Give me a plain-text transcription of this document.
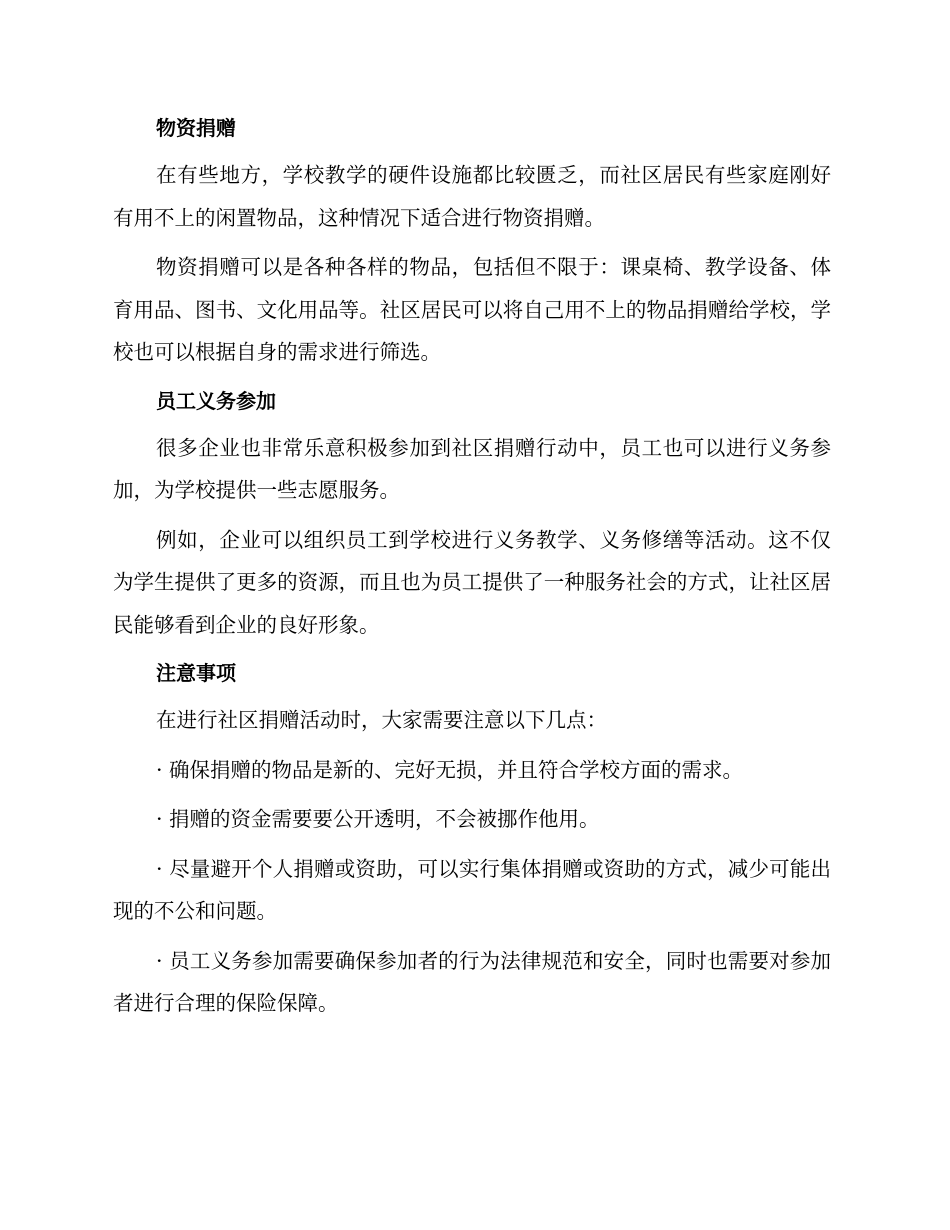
物资捐赠

在有些地方，学校教学的硬件设施都比较匮乏，而社区居民有些家庭刚好有用不上的闲置物品，这种情况下适合进行物资捐赠。

物资捐赠可以是各种各样的物品，包括但不限于：课桌椅、教学设备、体育用品、图书、文化用品等。社区居民可以将自己用不上的物品捐赠给学校，学校也可以根据自身的需求进行筛选。

员工义务参加

很多企业也非常乐意积极参加到社区捐赠行动中，员工也可以进行义务参加，为学校提供一些志愿服务。

例如，企业可以组织员工到学校进行义务教学、义务修缮等活动。这不仅为学生提供了更多的资源，而且也为员工提供了一种服务社会的方式，让社区居民能够看到企业的良好形象。

注意事项

在进行社区捐赠活动时，大家需要注意以下几点：

· 确保捐赠的物品是新的、完好无损，并且符合学校方面的需求。

· 捐赠的资金需要要公开透明，不会被挪作他用。

· 尽量避开个人捐赠或资助，可以实行集体捐赠或资助的方式，减少可能出现的不公和问题。

· 员工义务参加需要确保参加者的行为法律规范和安全，同时也需要对参加者进行合理的保险保障。
